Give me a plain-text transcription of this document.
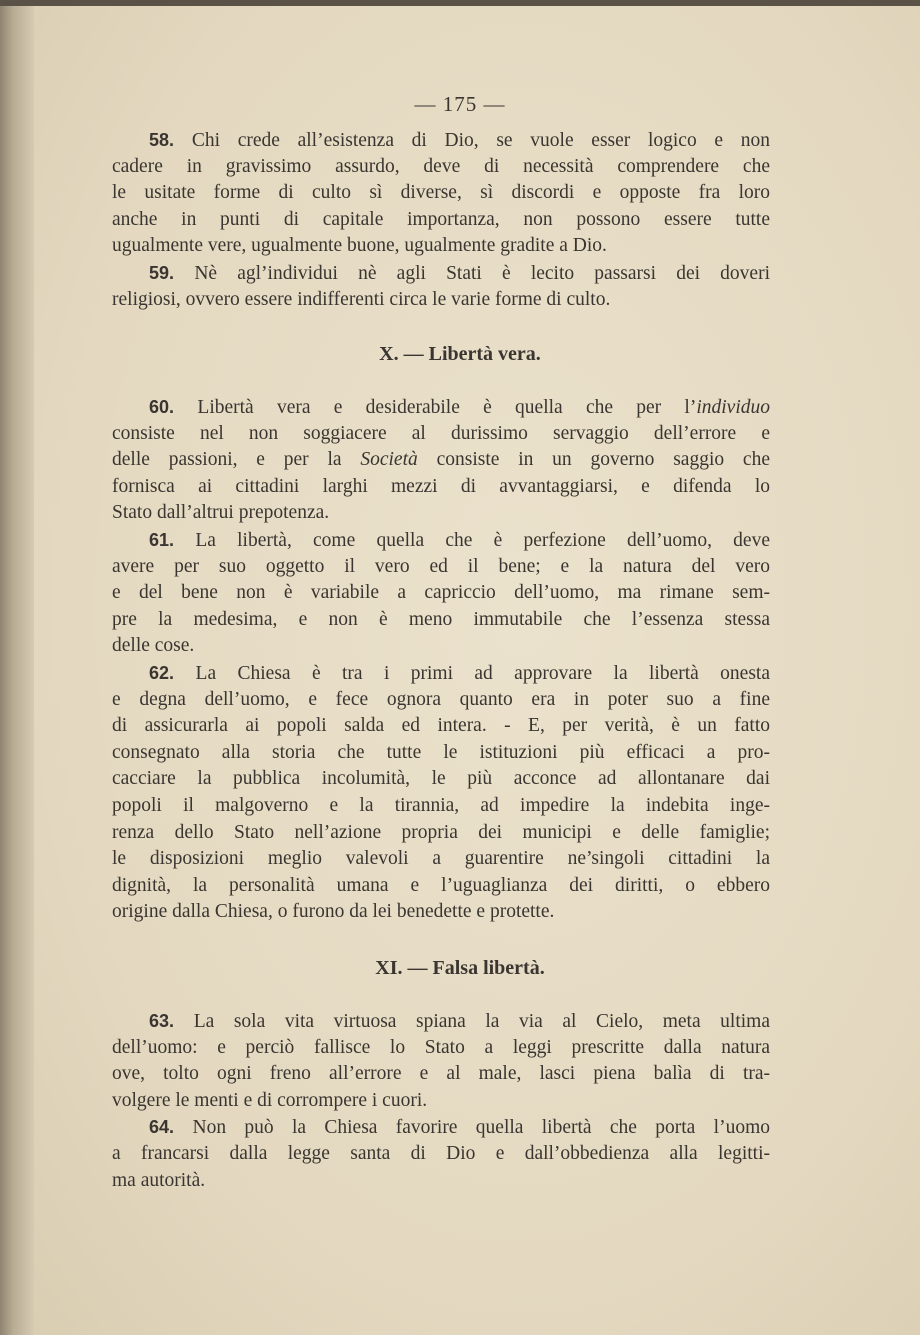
— 175 —
58. Chi crede all’esistenza di Dio, se vuole esser logico e non
cadere in gravissimo assurdo, deve di necessità comprendere che
le usitate forme di culto sì diverse, sì discordi e opposte fra loro
anche in punti di capitale importanza, non possono essere tutte
ugualmente vere, ugualmente buone, ugualmente gradite a Dio.
59. Nè agl’individui nè agli Stati è lecito passarsi dei doveri
religiosi, ovvero essere indifferenti circa le varie forme di culto.
X. — Libertà vera.
60. Libertà vera e desiderabile è quella che per l’individuo
consiste nel non soggiacere al durissimo servaggio dell’errore e
delle passioni, e per la Società consiste in un governo saggio che
fornisca ai cittadini larghi mezzi di avvantaggiarsi, e difenda lo
Stato dall’altrui prepotenza.
61. La libertà, come quella che è perfezione dell’uomo, deve
avere per suo oggetto il vero ed il bene; e la natura del vero
e del bene non è variabile a capriccio dell’uomo, ma rimane sem-
pre la medesima, e non è meno immutabile che l’essenza stessa
delle cose.
62. La Chiesa è tra i primi ad approvare la libertà onesta
e degna dell’uomo, e fece ognora quanto era in poter suo a fine
di assicurarla ai popoli salda ed intera. - E, per verità, è un fatto
consegnato alla storia che tutte le istituzioni più efficaci a pro-
cacciare la pubblica incolumità, le più acconce ad allontanare dai
popoli il malgoverno e la tirannia, ad impedire la indebita inge-
renza dello Stato nell’azione propria dei municipi e delle famiglie;
le disposizioni meglio valevoli a guarentire ne’singoli cittadini la
dignità, la personalità umana e l’uguaglianza dei diritti, o ebbero
origine dalla Chiesa, o furono da lei benedette e protette.
XI. — Falsa libertà.
63. La sola vita virtuosa spiana la via al Cielo, meta ultima
dell’uomo: e perciò fallisce lo Stato a leggi prescritte dalla natura
ove, tolto ogni freno all’errore e al male, lasci piena balìa di tra-
volgere le menti e di corrompere i cuori.
64. Non può la Chiesa favorire quella libertà che porta l’uomo
a francarsi dalla legge santa di Dio e dall’obbedienza alla legitti-
ma autorità.
